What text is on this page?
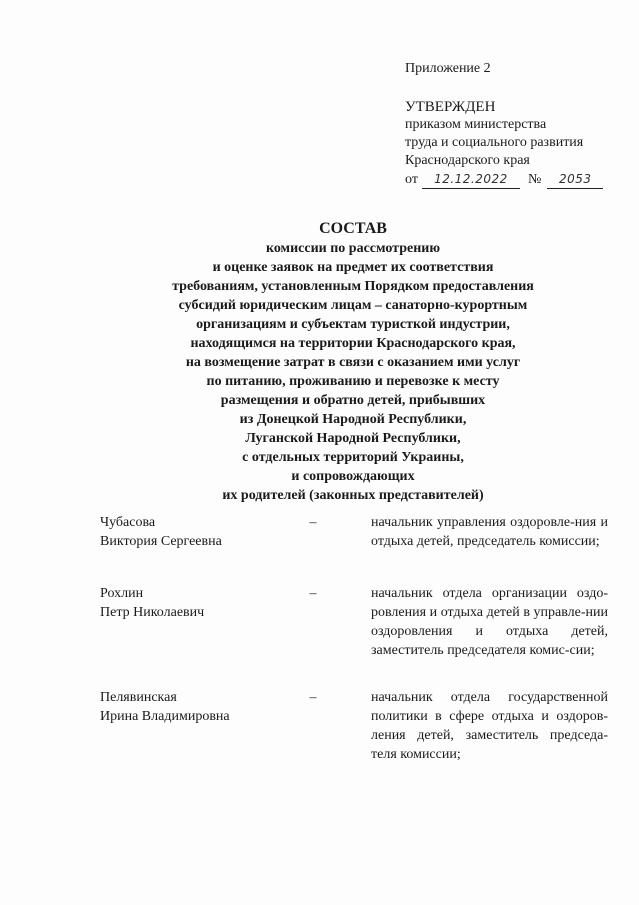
Приложение 2

УТВЕРЖДЕН

приказом министерства

труда и социального развития

Краснодарского края

от	12.12.2022	№	2053

СОСТАВ

комиссии по рассмотрению

и оценке заявок на предмет их соответствия

требованиям, установленным Порядком предоставления

субсидий юридическим лицам – санаторно-курортным

организациям и субъектам туристкой индустрии,

находящимся на территории Краснодарского края,

на возмещение затрат в связи с оказанием ими услуг

по питанию, проживанию и перевозке к месту

размещения и обратно детей, прибывших

из Донецкой Народной Республики,

Луганской Народной Республики,

с отдельных территорий Украины,

и сопровождающих

их родителей (законных представителей)

Чубасова
Виктория Сергеевна
–	начальник управления оздоровле-ния и отдыха детей, председатель комиссии;
Рохлин
Петр Николаевич
–	начальник отдела организации оздо-ровления и отдыха детей в управле-нии оздоровления и отдыха детей, заместитель председателя комис-сии;
Пелявинская
Ирина Владимировна
–	начальник отдела государственной политики в сфере отдыха и оздоров-ления детей, заместитель председа-теля комиссии;
